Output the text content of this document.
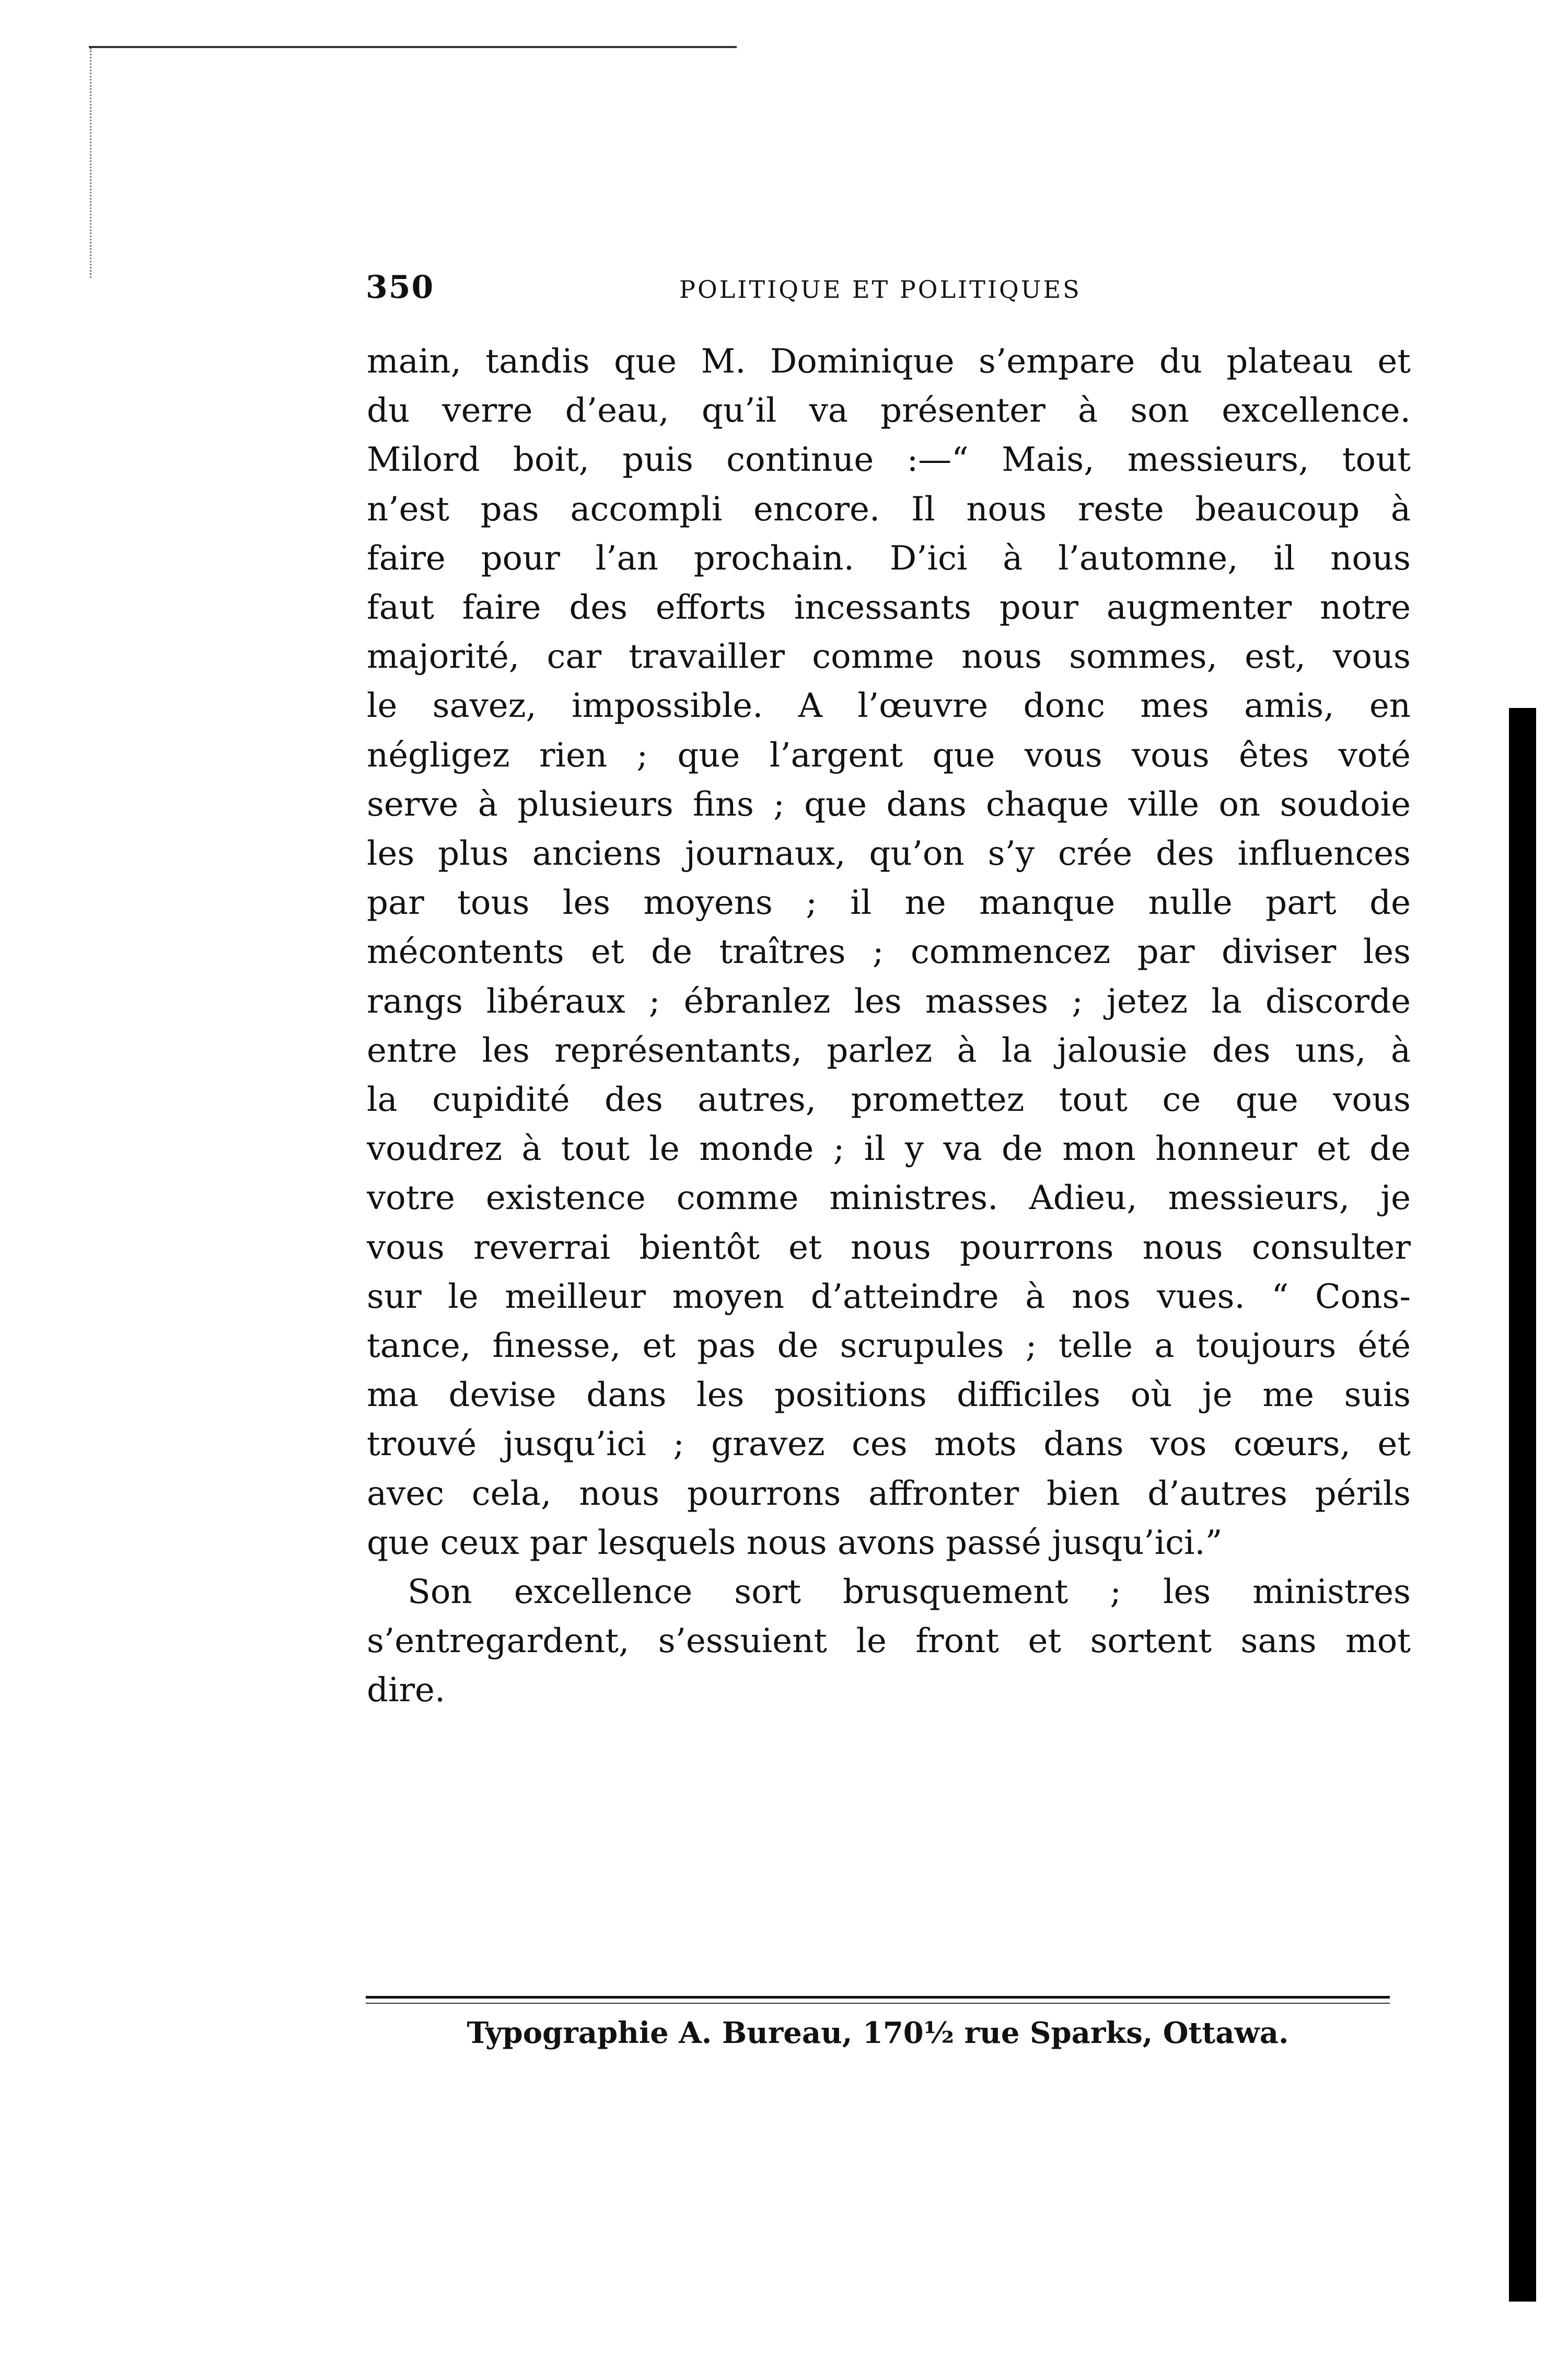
350	POLITIQUE ET POLITIQUES
main, tandis que M. Dominique s’empare du plateau et
du verre d’eau, qu’il va présenter à son excellence.
Milord boit, puis continue :—“ Mais, messieurs, tout
n’est pas accompli encore. Il nous reste beaucoup à
faire pour l’an prochain. D’ici à l’automne, il nous
faut faire des efforts incessants pour augmenter notre
majorité, car travailler comme nous sommes, est, vous
le savez, impossible. A l’œuvre donc mes amis, en
négligez rien ; que l’argent que vous vous êtes voté
serve à plusieurs fins ; que dans chaque ville on soudoie
les plus anciens journaux, qu’on s’y crée des influences
par tous les moyens ; il ne manque nulle part de
mécontents et de traîtres ; commencez par diviser les
rangs libéraux ; ébranlez les masses ; jetez la discorde
entre les représentants, parlez à la jalousie des uns, à
la cupidité des autres, promettez tout ce que vous
voudrez à tout le monde ; il y va de mon honneur et de
votre existence comme ministres. Adieu, messieurs, je
vous reverrai bientôt et nous pourrons nous consulter
sur le meilleur moyen d’atteindre à nos vues. “ Cons-
tance, finesse, et pas de scrupules ; telle a toujours été
ma devise dans les positions difficiles où je me suis
trouvé jusqu’ici ; gravez ces mots dans vos cœurs, et
avec cela, nous pourrons affronter bien d’autres périls
que ceux par lesquels nous avons passé jusqu’ici.”
Son excellence sort brusquement ; les ministres
s’entregardent, s’essuient le front et sortent sans mot
dire.
Typographie A. Bureau, 170½ rue Sparks, Ottawa.
